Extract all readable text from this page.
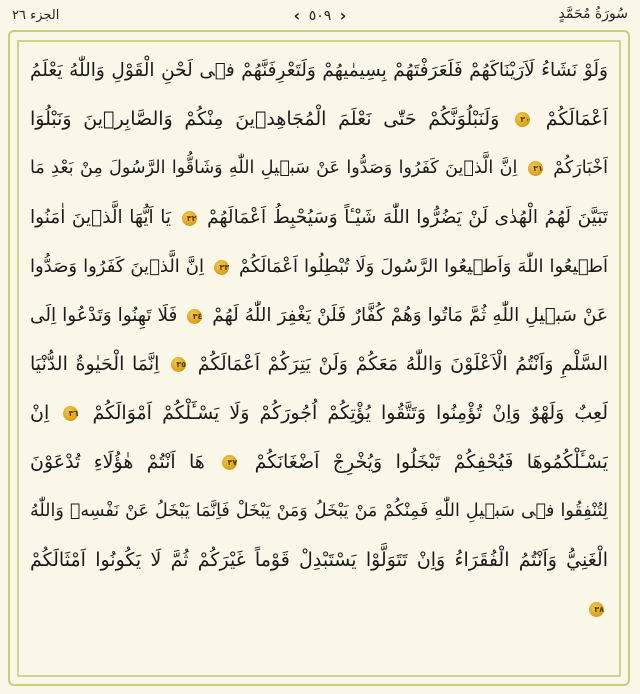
الجزء ٢٦	‹ ٥٠٩ ›	سُورَةُ مُحَمَّدٍ
وَلَوْ نَشَاءُ لَاَرَيْنَاكَهُمْ فَلَعَرَفْتَهُمْ بِسِيمٰيهُمْ وَلَتَعْرِفَنَّهُمْ فٖى لَحْنِ الْقَوْلِ وَاللّٰهُ يَعْلَمُ
اَعْمَالَكُمْ ٣٠ وَلَنَبْلُوَنَّكُمْ حَتّٰى نَعْلَمَ الْمُجَاهِدٖينَ مِنْكُمْ وَالصَّابِرٖينَ وَنَبْلُوَا
اَخْبَارَكُمْ ٣١ اِنَّ الَّذٖينَ كَفَرُوا وَصَدُّوا عَنْ سَبٖيلِ اللّٰهِ وَشَاقُّوا الرَّسُولَ مِنْ بَعْدِ مَا
تَبَيَّنَ لَهُمُ الْهُدٰى لَنْ يَضُرُّوا اللّٰهَ شَيْـٔاً وَسَيُحْبِطُ اَعْمَالَهُمْ ٣٢ يَا اَيُّهَا الَّذٖينَ اٰمَنُوا
اَطٖيعُوا اللّٰهَ وَاَطٖيعُوا الرَّسُولَ وَلَا تُبْطِلُوا اَعْمَالَكُمْ ٣٣ اِنَّ الَّذٖينَ كَفَرُوا وَصَدُّوا
عَنْ سَبٖيلِ اللّٰهِ ثُمَّ مَاتُوا وَهُمْ كُفَّارٌ فَلَنْ يَغْفِرَ اللّٰهُ لَهُمْ ٣٤ فَلَا تَهِنُوا وَتَدْعُوا اِلَى
السَّلْمِ وَاَنْتُمُ الْاَعْلَوْنَ وَاللّٰهُ مَعَكُمْ وَلَنْ يَتِرَكُمْ اَعْمَالَكُمْ ٣٥ اِنَّمَا الْحَيٰوةُ الدُّنْيَا
لَعِبٌ وَلَهْوٌ وَاِنْ تُؤْمِنُوا وَتَتَّقُوا يُؤْتِكُمْ اُجُورَكُمْ وَلَا يَسْـَٔلْكُمْ اَمْوَالَكُمْ ٣٦ اِنْ
يَسْـَٔلْكُمُوهَا فَيُحْفِكُمْ تَبْخَلُوا وَيُخْرِجْ اَضْغَانَكُمْ ٣٧ هَا اَنْتُمْ هٰؤُلَاءِ تُدْعَوْنَ
لِتُنْفِقُوا فٖى سَبٖيلِ اللّٰهِ فَمِنْكُمْ مَنْ يَبْخَلُ وَمَنْ يَبْخَلْ فَاِنَّمَا يَبْخَلُ عَنْ نَفْسِهٖ وَاللّٰهُ
الْغَنِيُّ وَاَنْتُمُ الْفُقَرَاءُ وَاِنْ تَتَوَلَّوْا يَسْتَبْدِلْ قَوْماً غَيْرَكُمْ ثُمَّ لَا يَكُونُوا اَمْثَالَكُمْ
٣٨
